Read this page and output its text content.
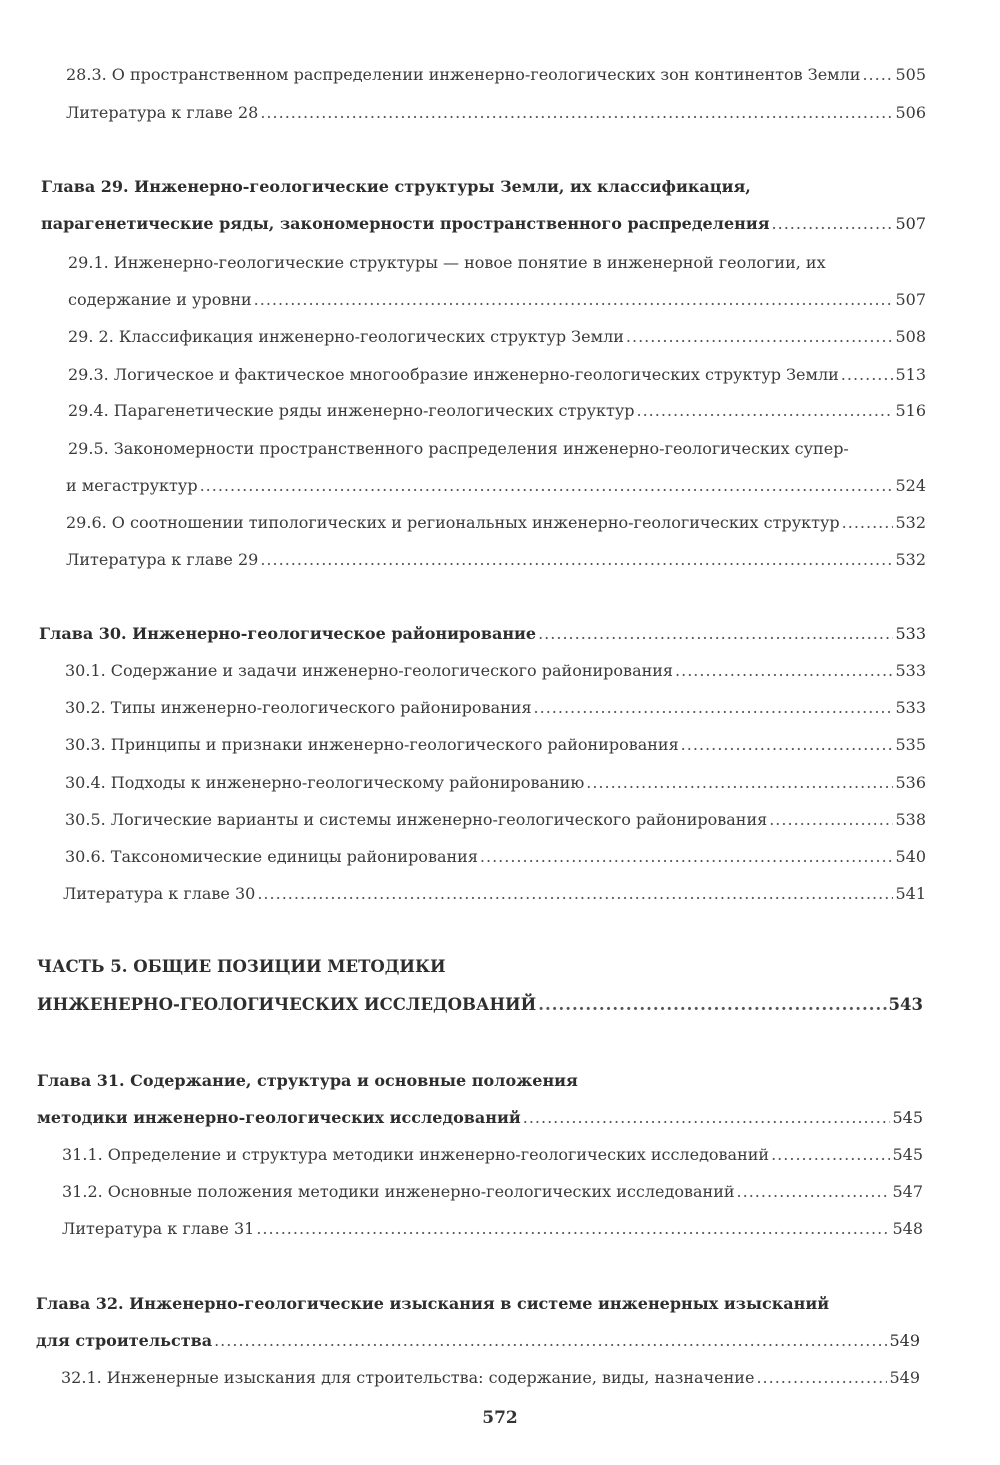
28.3. О пространственном распределении инженерно-геологических зон континентов Земли ..... 505
Литература к главе 28 .....	506
Глава 29. Инженерно-геологические структуры Земли, их классификация,
парагенетические ряды, закономерности пространственного распределения .....	507
29.1. Инженерно-геологические структуры — новое понятие в инженерной геологии, их
содержание и уровни .....	507
29. 2. Классификация инженерно-геологических структур Земли .....	508
29.3. Логическое и фактическое многообразие инженерно-геологических структур Земли .....	513
29.4. Парагенетические ряды инженерно-геологических структур .....	516
29.5. Закономерности пространственного распределения инженерно-геологических супер-
и мегаструктур .....	524
29.6. О соотношении типологических и региональных инженерно-геологических структур .....	532
Литература к главе 29 .....	532
Глава 30. Инженерно-геологическое районирование .....	533
30.1. Содержание и задачи инженерно-геологического районирования .....	533
30.2. Типы инженерно-геологического районирования .....	533
30.3. Принципы и признаки инженерно-геологического районирования .....	535
30.4. Подходы к инженерно-геологическому районированию .....	536
30.5. Логические варианты и системы инженерно-геологического районирования .....	538
30.6. Таксономические единицы районирования .....	540
Литература к главе 30 .....	541
ЧАСТЬ 5. ОБЩИЕ ПОЗИЦИИ МЕТОДИКИ
ИНЖЕНЕРНО-ГЕОЛОГИЧЕСКИХ ИССЛЕДОВАНИЙ .....	543
Глава 31. Содержание, структура и основные положения
методики инженерно-геологических исследований .....	545
31.1. Определение и структура методики инженерно-геологических исследований .....	545
31.2. Основные положения методики инженерно-геологических исследований .....	547
Литература к главе 31 .....	548
Глава 32. Инженерно-геологические изыскания в системе инженерных изысканий
для строительства .....	549
32.1. Инженерные изыскания для строительства: содержание, виды, назначение .....	549
572
